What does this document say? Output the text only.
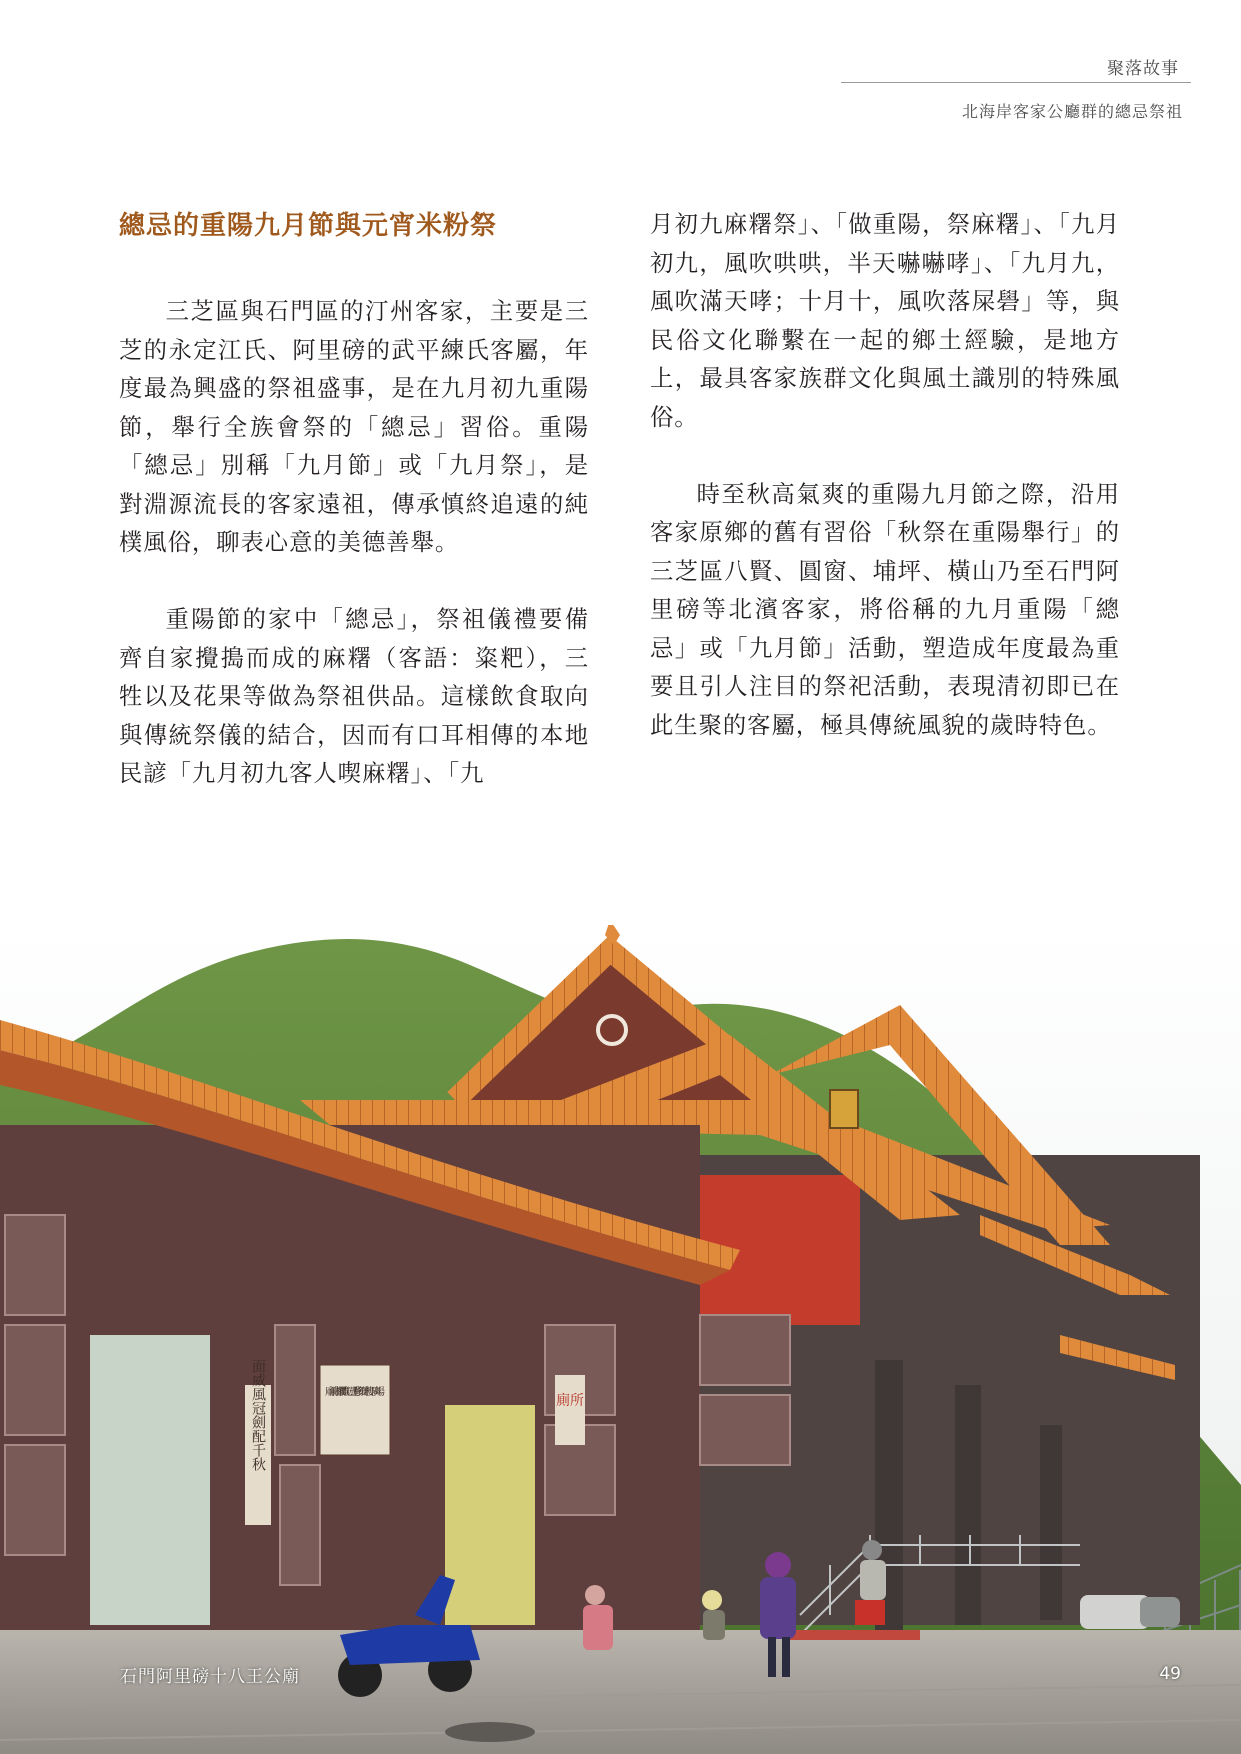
聚落故事
北海岸客家公廳群的總忌祭祖
總忌的重陽九月節與元宵米粉祭

三芝區與石門區的汀州客家，主要是三芝的永定江氏、阿里磅的武平練氏客屬，年度最為興盛的祭祖盛事，是在九月初九重陽節，舉行全族會祭的「總忌」習俗。重陽「總忌」別稱「九月節」或「九月祭」，是對淵源流長的客家遠祖，傳承慎終追遠的純樸風俗，聊表心意的美德善舉。

重陽節的家中「總忌」，祭祖儀禮要備齊自家攪搗而成的麻糬（客語：粢粑），三牲以及花果等做為祭祖供品。這樣飲食取向與傳統祭儀的結合，因而有口耳相傳的本地民諺「九月初九客人喫麻糬」、「九

月初九麻糬祭」、「做重陽，祭麻糬」、「九月初九，風吹哄哄，半天嚇嚇哮」、「九月九，風吹滿天哮；十月十，風吹落屎礐」等，與民俗文化聯繫在一起的鄉土經驗，是地方上，最具客家族群文化與風土識別的特殊風俗。

時至秋高氣爽的重陽九月節之際，沿用客家原鄉的舊有習俗「秋祭在重陽舉行」的三芝區八賢、圓窗、埔坪、橫山乃至石門阿里磅等北濱客家，將俗稱的九月重陽「總忌」或「九月節」活動，塑造成年度最為重要且引人注目的祭祀活動，表現清初即已在此生聚的客屬，極具傳統風貌的歲時特色。

面威風冠劍配千秋	廟前商攤攤位已遷移預計樓下廣場
廁所
石門阿里磅十八王公廟	49
